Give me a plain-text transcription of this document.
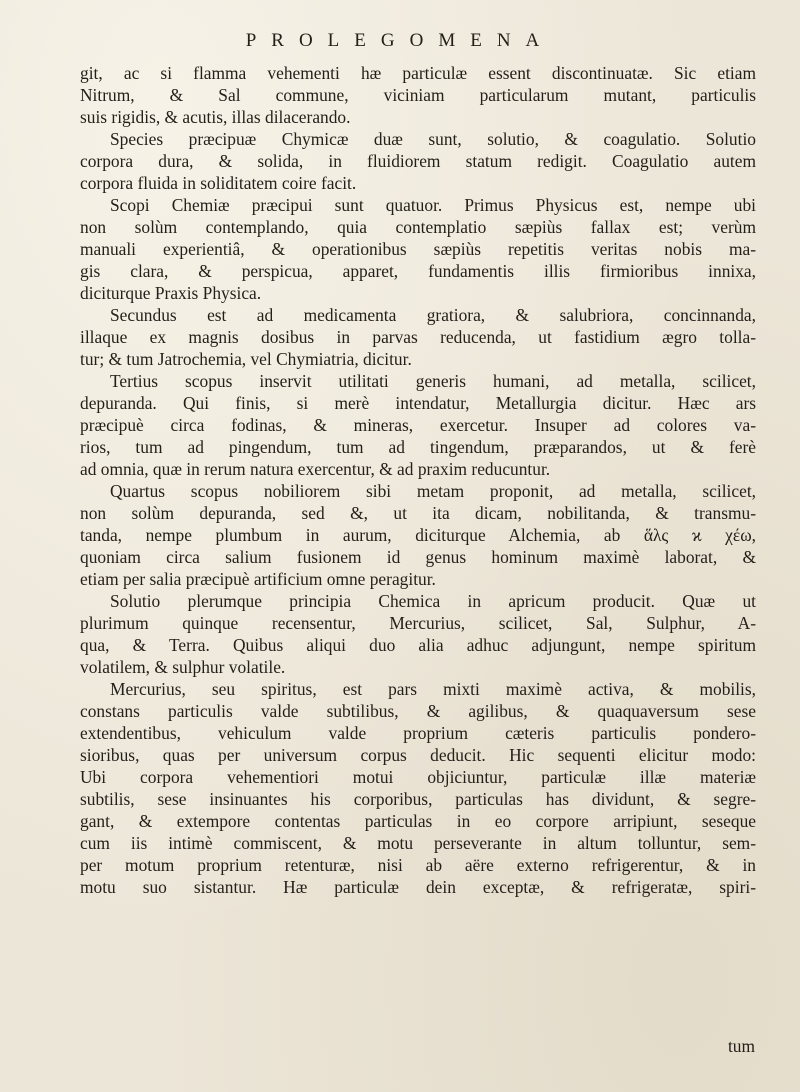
PROLEGOMENA
git, ac si flamma vehementi hæ particulæ essent discontinuatæ. Sic etiam
Nitrum, & Sal commune, viciniam particularum mutant, particulis
suis rigidis, & acutis, illas dilacerando.
Species præcipuæ Chymicæ duæ sunt, solutio, & coagulatio. Solutio
corpora dura, & solida, in fluidiorem statum redigit. Coagulatio autem
corpora fluida in soliditatem coire facit.
Scopi Chemiæ præcipui sunt quatuor. Primus Physicus est, nempe ubi
non solùm contemplando, quia contemplatio sæpiùs fallax est; verùm
manuali experientiâ, & operationibus sæpiùs repetitis veritas nobis ma-
gis clara, & perspicua, apparet, fundamentis illis firmioribus innixa,
diciturque Praxis Physica.
Secundus est ad medicamenta gratiora, & salubriora, concinnanda,
illaque ex magnis dosibus in parvas reducenda, ut fastidium ægro tolla-
tur; & tum Jatrochemia, vel Chymiatria, dicitur.
Tertius scopus inservit utilitati generis humani, ad metalla, scilicet,
depuranda. Qui finis, si merè intendatur, Metallurgia dicitur. Hæc ars
præcipuè circa fodinas, & mineras, exercetur. Insuper ad colores va-
rios, tum ad pingendum, tum ad tingendum, præparandos, ut & ferè
ad omnia, quæ in rerum natura exercentur, & ad praxim reducuntur.
Quartus scopus nobiliorem sibi metam proponit, ad metalla, scilicet,
non solùm depuranda, sed &, ut ita dicam, nobilitanda, & transmu-
tanda, nempe plumbum in aurum, diciturque Alchemia, ab ἅλς ϰ χέω,
quoniam circa salium fusionem id genus hominum maximè laborat, &
etiam per salia præcipuè artificium omne peragitur.
Solutio plerumque principia Chemica in apricum producit. Quæ ut
plurimum quinque recensentur, Mercurius, scilicet, Sal, Sulphur, A-
qua, & Terra. Quibus aliqui duo alia adhuc adjungunt, nempe spiritum
volatilem, & sulphur volatile.
Mercurius, seu spiritus, est pars mixti maximè activa, & mobilis,
constans particulis valde subtilibus, & agilibus, & quaquaversum sese
extendentibus, vehiculum valde proprium cæteris particulis pondero-
sioribus, quas per universum corpus deducit. Hic sequenti elicitur modo:
Ubi corpora vehementiori motui objiciuntur, particulæ illæ materiæ
subtilis, sese insinuantes his corporibus, particulas has dividunt, & segre-
gant, & extempore contentas particulas in eo corpore arripiunt, seseque
cum iis intimè commiscent, & motu perseverante in altum tolluntur, sem-
per motum proprium retenturæ, nisi ab aëre externo refrigerentur, & in
motu suo sistantur. Hæ particulæ dein exceptæ, & refrigeratæ, spiri-
tum
